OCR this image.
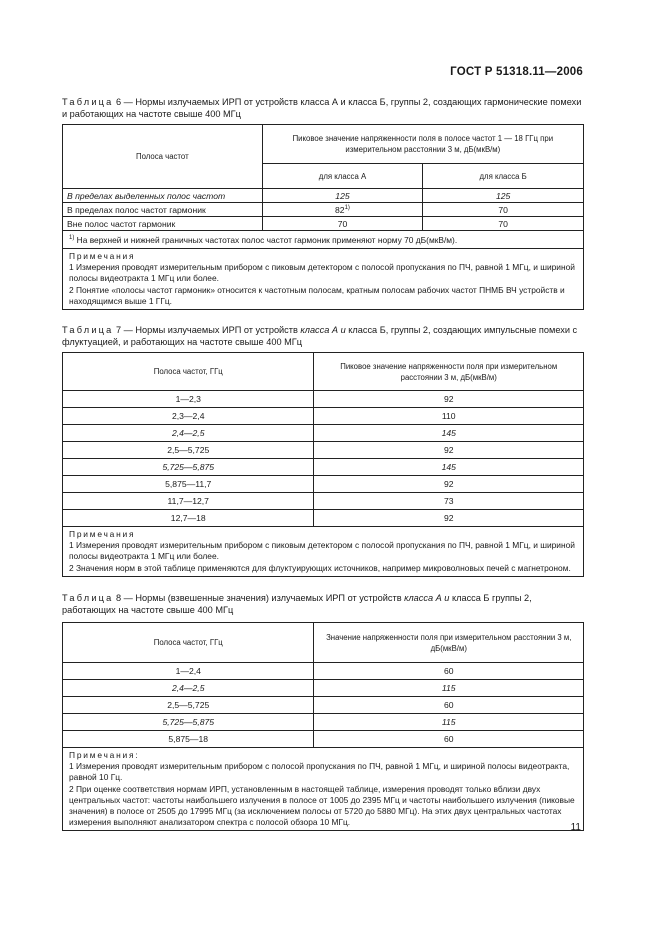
ГОСТ Р 51318.11—2006
Таблица 6 — Нормы излучаемых ИРП от устройств класса А и класса Б, группы 2, создающих гармонические помехи и работающих на частоте свыше 400 МГц
Полоса частот	Пиковое значение напряженности поля в полосе частот 1 — 18 ГГц при измерительном расстоянии 3 м, дБ(мкВ/м)	
	для класса А	для класса Б
В пределах выделенных полос частот	125	125
В пределах полос частот гармоник	82$^{1)}$	70
Вне полос частот гармоник	70	70
$^{1)}$ На верхней и нижней граничных частотах полос частот гармоник применяют норму 70 дБ(мкВ/м).		

Примечания
1 Измерения проводят измерительным прибором с пиковым детектором с полосой пропускания по ПЧ, равной 1 МГц, и шириной полосы видеотракта 1 МГц или более.
2 Понятие «полосы частот гармоник» относится к частотным полосам, кратным полосам рабочих частот ПНМБ ВЧ устройств и находящимся выше 1 ГГц.		
Таблица 7 — Нормы излучаемых ИРП от устройств класса А и класса Б, группы 2, создающих импульсные помехи с флуктуацией, и работающих на частоте свыше 400 МГц
Полоса частот, ГГц	Пиковое значение напряженности поля при измерительном расстоянии 3 м, дБ(мкВ/м)
1—2,3	92
2,3—2,4	110
2,4—2,5	145
2,5—5,725	92
5,725—5,875	145
5,875—11,7	92
11,7—12,7	73
12,7—18	92

Примечания
1 Измерения проводят измерительным прибором с пиковым детектором с полосой пропускания по ПЧ, равной 1 МГц, и шириной полосы видеотракта 1 МГц или более.
2 Значения норм в этой таблице применяются для флуктуирующих источников, например микроволновых печей с магнетроном.	
Таблица 8 — Нормы (взвешенные значения) излучаемых ИРП от устройств класса А и класса Б группы 2, работающих на частоте свыше 400 МГц
Полоса частот, ГГц	Значение напряженности поля при измерительном расстоянии 3 м, дБ(мкВ/м)
1—2,4	60
2,4—2,5	115
2,5—5,725	60
5,725—5,875	115
5,875—18	60

Примечания:
1 Измерения проводят измерительным прибором с полосой пропускания по ПЧ, равной 1 МГц, и шириной полосы видеотракта, равной 10 Гц.
2 При оценке соответствия нормам ИРП, установленным в настоящей таблице, измерения проводят только вблизи двух центральных частот: частоты наибольшего излучения в полосе от 1005 до 2395 МГц и частоты наибольшего излучения (пиковые значения) в полосе от 2505 до 17995 МГц (за исключением полосы от 5720 до 5880 МГц). На этих двух центральных частотах измерения выполняют анализатором спектра с полосой обзора 10 МГц.		11
